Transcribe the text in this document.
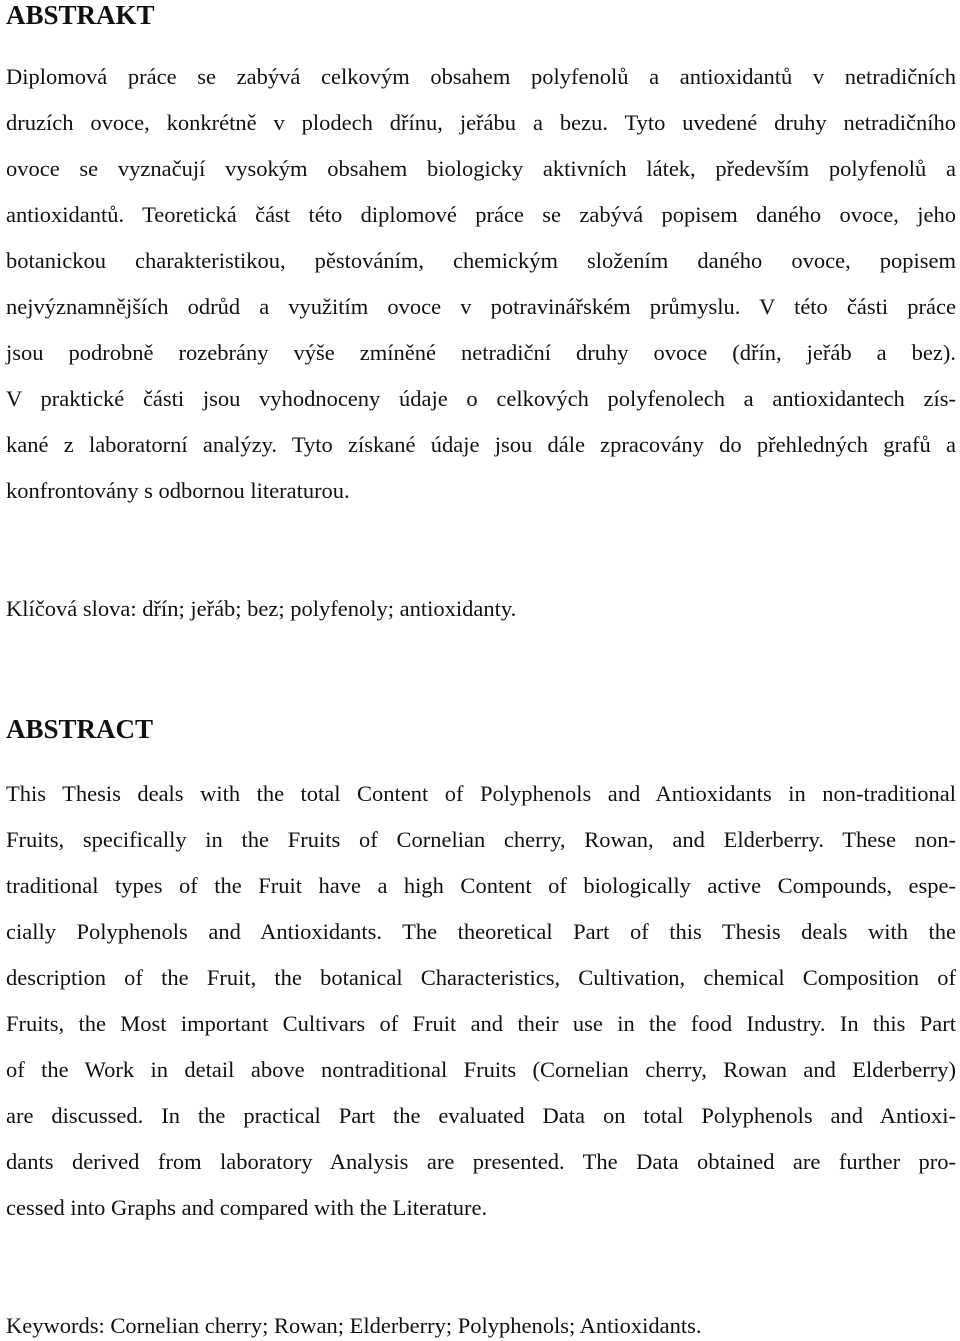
ABSTRAKT
Diplomová práce se zabývá celkovým obsahem polyfenolů a antioxidantů v netradičních
druzích ovoce, konkrétně v plodech dřínu, jeřábu a bezu. Tyto uvedené druhy netradičního
ovoce se vyznačují vysokým obsahem biologicky aktivních látek, především polyfenolů a
antioxidantů. Teoretická část této diplomové práce se zabývá popisem daného ovoce, jeho
botanickou charakteristikou, pěstováním, chemickým složením daného ovoce, popisem
nejvýznamnějších odrůd a využitím ovoce v potravinářském průmyslu. V této části práce
jsou podrobně rozebrány výše zmíněné netradiční druhy ovoce (dřín, jeřáb a bez).
V praktické části jsou vyhodnoceny údaje o celkových polyfenolech a antioxidantech zís-
kané z laboratorní analýzy. Tyto získané údaje jsou dále zpracovány do přehledných grafů a
konfrontovány s odbornou literaturou.

Klíčová slova: dřín; jeřáb; bez; polyfenoly; antioxidanty.

ABSTRACT
This Thesis deals with the total Content of Polyphenols and Antioxidants in non-traditional
Fruits, specifically in the Fruits of Cornelian cherry, Rowan, and Elderberry. These non-
traditional types of the Fruit have a high Content of biologically active Compounds, espe-
cially Polyphenols and Antioxidants. The theoretical Part of this Thesis deals with the
description of the Fruit, the botanical Characteristics, Cultivation, chemical Composition of
Fruits, the Most important Cultivars of Fruit and their use in the food Industry. In this Part
of the Work in detail above nontraditional Fruits (Cornelian cherry, Rowan and Elderberry)
are discussed. In the practical Part the evaluated Data on total Polyphenols and Antioxi-
dants derived from laboratory Analysis are presented. The Data obtained are further pro-
cessed into Graphs and compared with the Literature.

Keywords: Cornelian cherry; Rowan; Elderberry; Polyphenols; Antioxidants.
